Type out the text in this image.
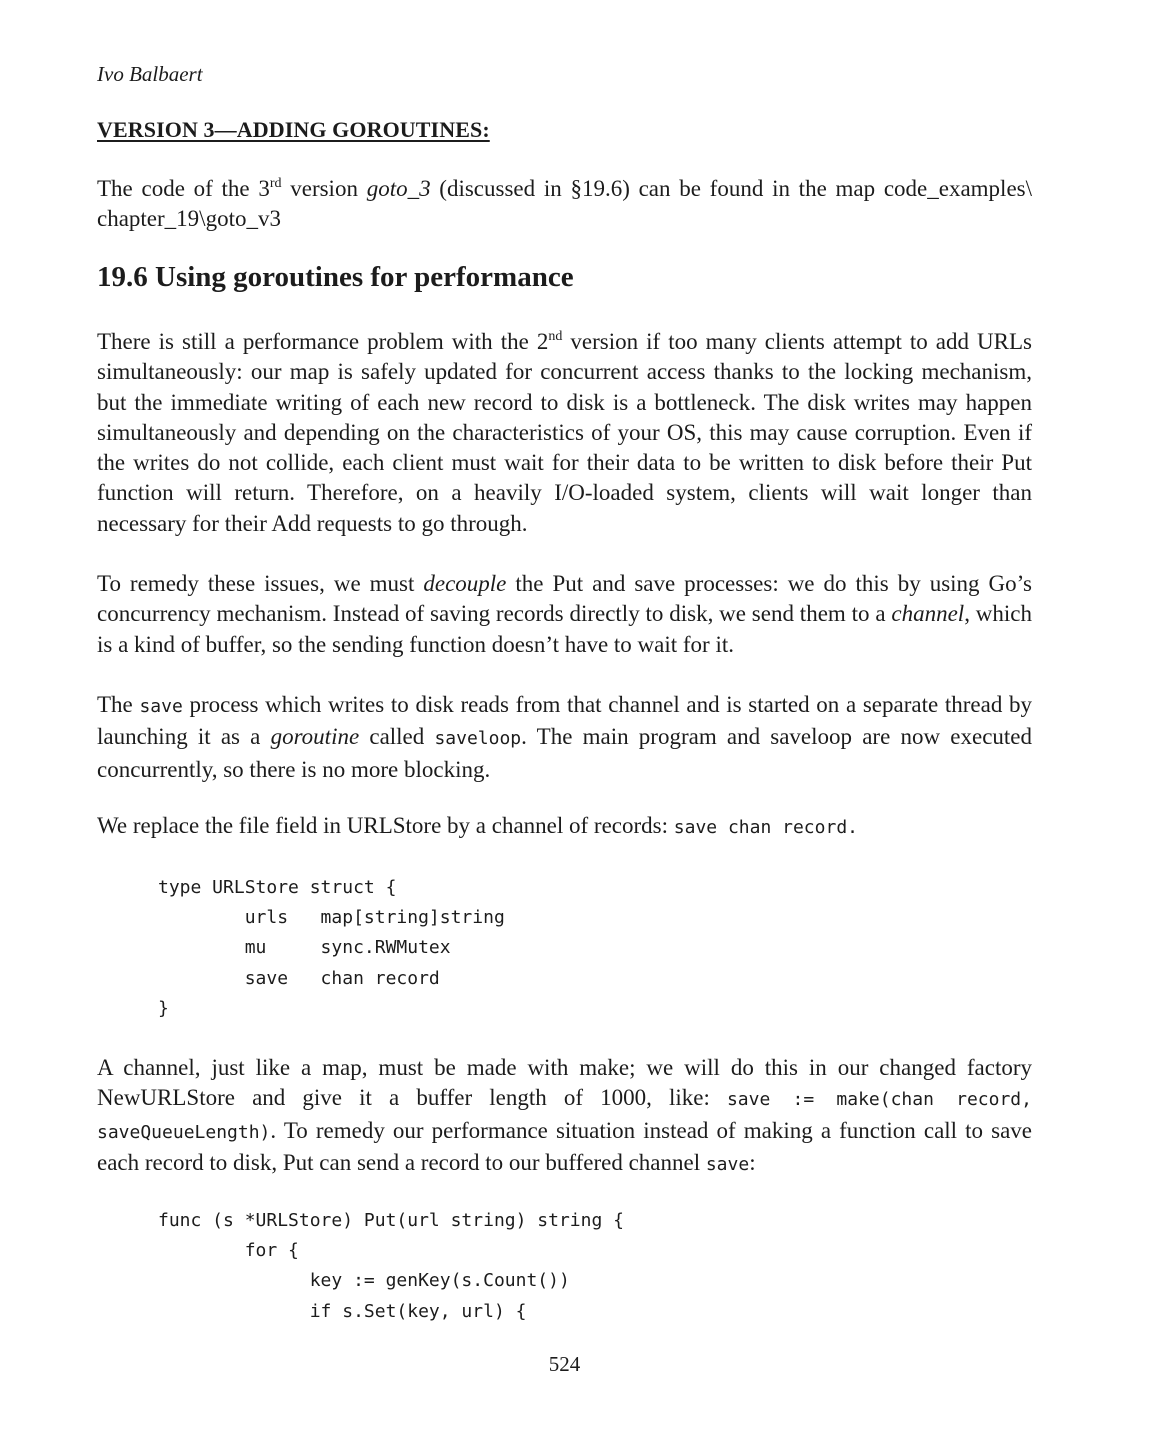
Ivo Balbaert
VERSION 3—ADDING GOROUTINES:

The code of the 3rd version goto_3 (discussed in §19.6) can be found in the map code_examples\ chapter_19\goto_v3

19.6 Using goroutines for performance

There is still a performance problem with the 2nd version if too many clients attempt to add URLs simultaneously: our map is safely updated for concurrent access thanks to the locking mechanism, but the immediate writing of each new record to disk is a bottleneck. The disk writes may happen simultaneously and depending on the characteristics of your OS, this may cause corruption. Even if the writes do not collide, each client must wait for their data to be written to disk before their Put function will return. Therefore, on a heavily I/O-loaded system, clients will wait longer than necessary for their Add requests to go through.

To remedy these issues, we must decouple the Put and save processes: we do this by using Go’s concurrency mechanism. Instead of saving records directly to disk, we send them to a channel, which is a kind of buffer, so the sending function doesn’t have to wait for it.

The save process which writes to disk reads from that channel and is started on a separate thread by launching it as a goroutine called saveloop. The main program and saveloop are now executed concurrently, so there is no more blocking.

We replace the file field in URLStore by a channel of records: save chan record.

type URLStore struct {
urls   map[string]string
mu     sync.RWMutex
save   chan record
}

A channel, just like a map, must be made with make; we will do this in our changed factory NewURLStore and give it a buffer length of 1000, like: save := make(chan record, saveQueueLength). To remedy our performance situation instead of making a function call to save each record to disk, Put can send a record to our buffered channel save:

func (s *URLStore) Put(url string) string {
for {
key := genKey(s.Count())
if s.Set(key, url) {
524
